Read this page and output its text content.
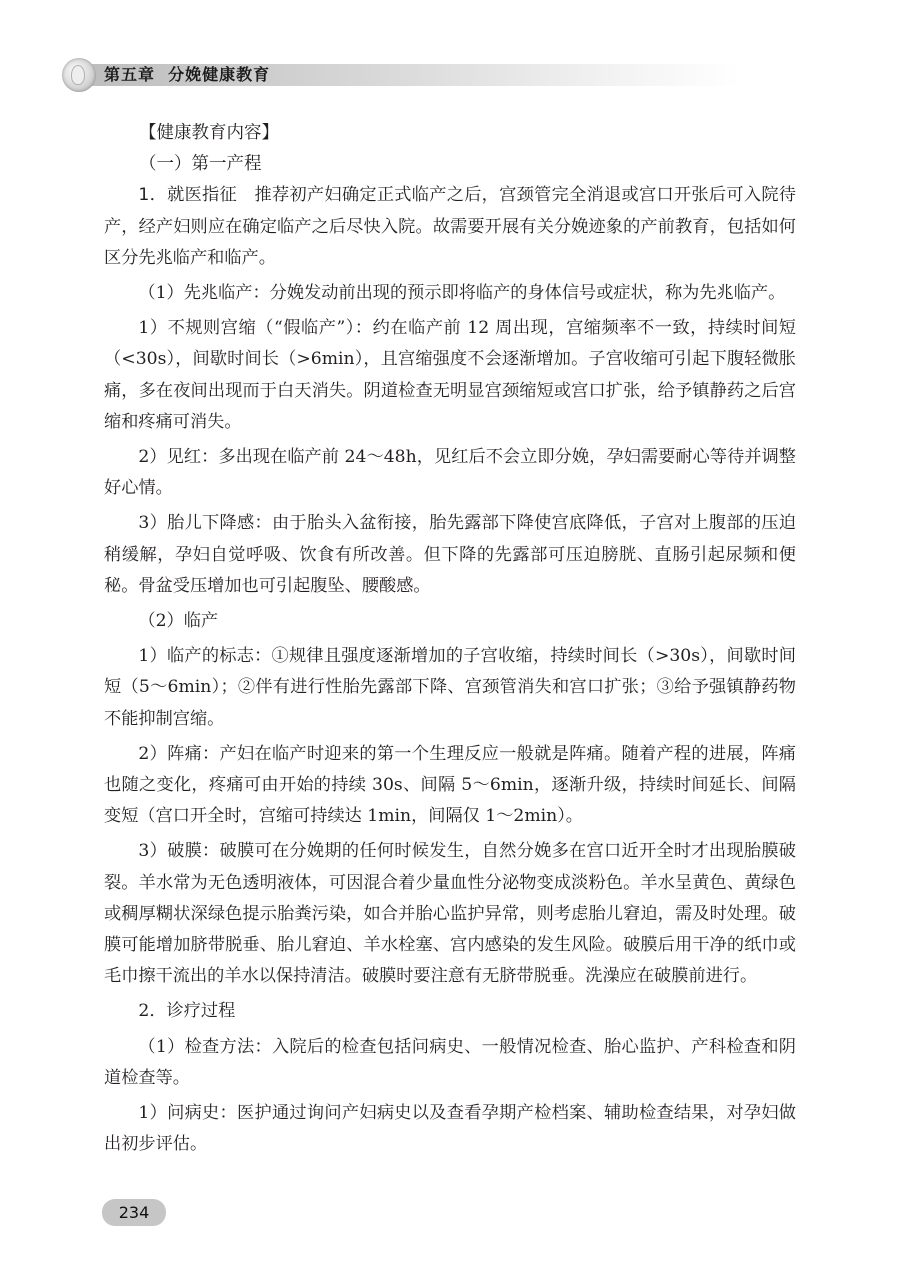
第五章 分娩健康教育

【健康教育内容】

（一）第一产程

1．就医指征　 推荐初产妇确定正式临产之后，宫颈管完全消退或宫口开张后可入院待产，经产妇则应在确定临产之后尽快入院。故需要开展有关分娩迹象的产前教育，包括如何区分先兆临产和临产。

（1）先兆临产：分娩发动前出现的预示即将临产的身体信号或症状，称为先兆临产。

1）不规则宫缩（“假临产”）：约在临产前 12 周出现，宫缩频率不一致，持续时间短（<30s），间歇时间长（>6min），且宫缩强度不会逐渐增加。子宫收缩可引起下腹轻微胀痛，多在夜间出现而于白天消失。阴道检查无明显宫颈缩短或宫口扩张，给予镇静药之后宫缩和疼痛可消失。

2）见红：多出现在临产前 24～48h，见红后不会立即分娩，孕妇需要耐心等待并调整好心情。

3）胎儿下降感：由于胎头入盆衔接，胎先露部下降使宫底降低，子宫对上腹部的压迫稍缓解，孕妇自觉呼吸、饮食有所改善。但下降的先露部可压迫膀胱、直肠引起尿频和便秘。骨盆受压增加也可引起腹坠、腰酸感。

（2）临产

1）临产的标志：①规律且强度逐渐增加的子宫收缩，持续时间长（>30s），间歇时间短（5～6min）；②伴有进行性胎先露部下降、宫颈管消失和宫口扩张；③给予强镇静药物不能抑制宫缩。

2）阵痛：产妇在临产时迎来的第一个生理反应一般就是阵痛。随着产程的进展，阵痛也随之变化，疼痛可由开始的持续 30s、间隔 5～6min，逐渐升级，持续时间延长、间隔变短（宫口开全时，宫缩可持续达 1min，间隔仅 1～2min）。

3）破膜：破膜可在分娩期的任何时候发生，自然分娩多在宫口近开全时才出现胎膜破裂。羊水常为无色透明液体，可因混合着少量血性分泌物变成淡粉色。羊水呈黄色、黄绿色或稠厚糊状深绿色提示胎粪污染，如合并胎心监护异常，则考虑胎儿窘迫，需及时处理。破膜可能增加脐带脱垂、胎儿窘迫、羊水栓塞、宫内感染的发生风险。破膜后用干净的纸巾或毛巾擦干流出的羊水以保持清洁。破膜时要注意有无脐带脱垂。洗澡应在破膜前进行。

2．诊疗过程

（1）检查方法：入院后的检查包括问病史、一般情况检查、胎心监护、产科检查和阴道检查等。

1）问病史：医护通过询问产妇病史以及查看孕期产检档案、辅助检查结果，对孕妇做出初步评估。

234
